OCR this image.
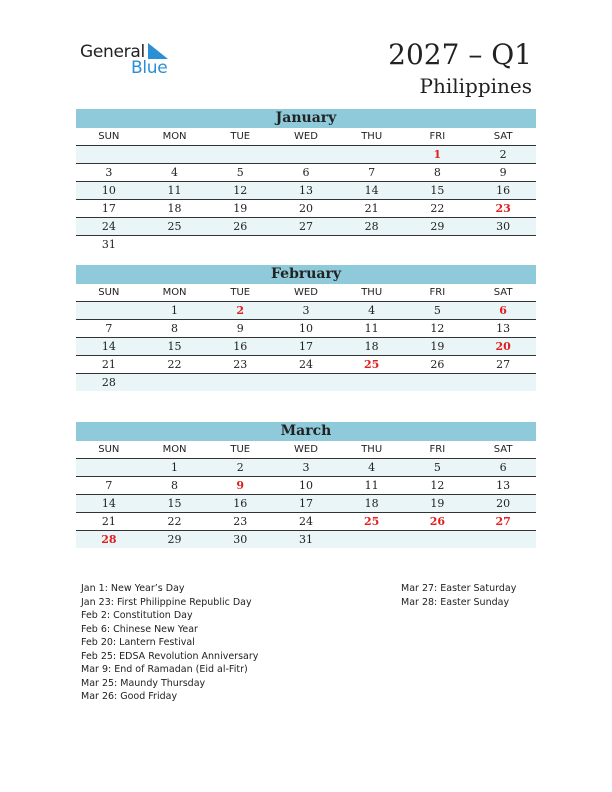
General
Blue	2027 – Q1
Philippines
January
SUN	MON	TUE	WED	THU	FRI	SAT
					1	2
3	4	5	6	7	8	9
10	11	12	13	14	15	16
17	18	19	20	21	22	23
24	25	26	27	28	29	30
31						
February
SUN	MON	TUE	WED	THU	FRI	SAT
	1	2	3	4	5	6
7	8	9	10	11	12	13
14	15	16	17	18	19	20
21	22	23	24	25	26	27
28						
March
SUN	MON	TUE	WED	THU	FRI	SAT
	1	2	3	4	5	6
7	8	9	10	11	12	13
14	15	16	17	18	19	20
21	22	23	24	25	26	27
28	29	30	31			
Jan 1: New Year’s Day
Jan 23: First Philippine Republic Day
Feb 2: Constitution Day
Feb 6: Chinese New Year
Feb 20: Lantern Festival
Feb 25: EDSA Revolution Anniversary
Mar 9: End of Ramadan (Eid al-Fitr)
Mar 25: Maundy Thursday
Mar 26: Good Friday
Mar 27: Easter Saturday
Mar 28: Easter Sunday
